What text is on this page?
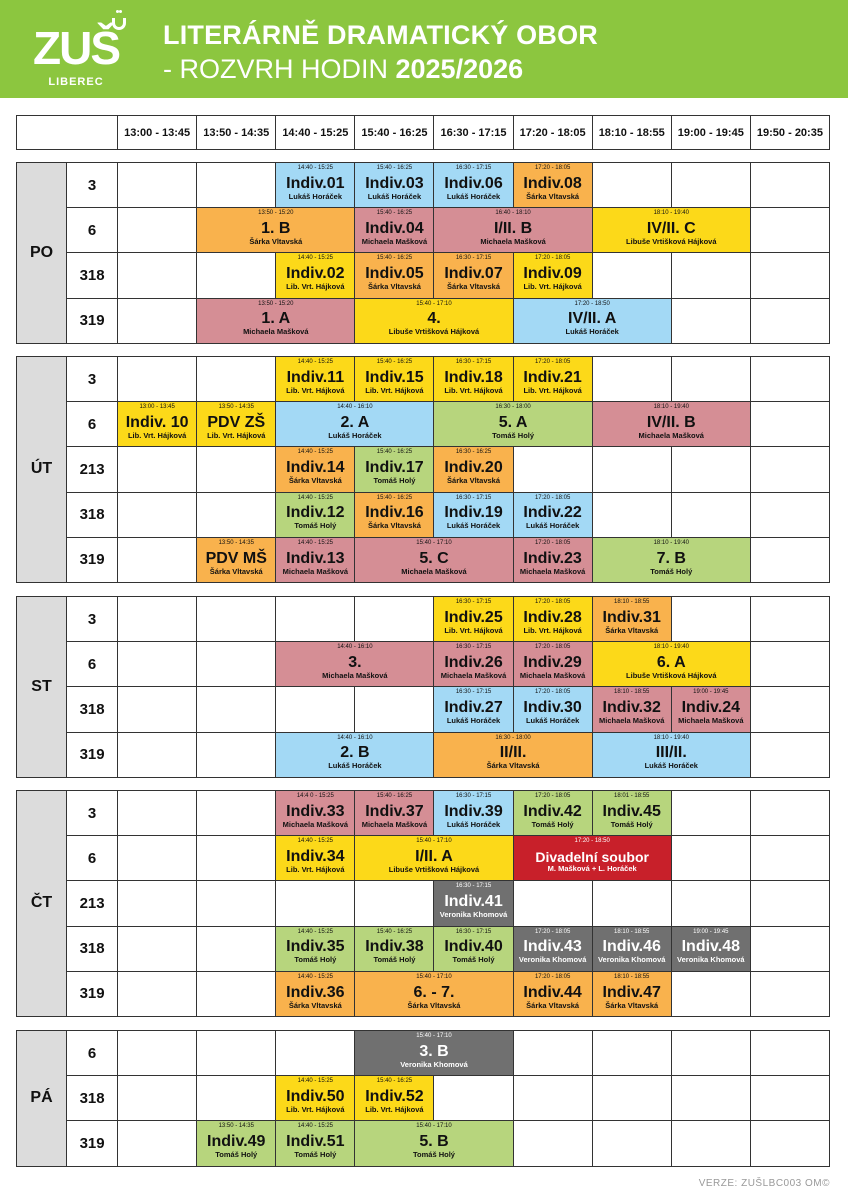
ZUŠ
LIBEREC
LITERÁRNĚ DRAMATICKÝ OBOR
- ROZVRH HODIN 2025/2026
	13:00 - 13:45	13:50 - 14:35	14:40 - 15:25	15:40 - 16:25	16:30 - 17:15	17:20 - 18:05	18:10 - 18:55	19:00 - 19:45	19:50 - 20:35
PO	3			14:40 - 15:25
Indiv.01
Lukáš Horáček	15:40 - 16:25
Indiv.03
Lukáš Horáček	16:30 - 17:15
Indiv.06
Lukáš Horáček	17:20 - 18:05
Indiv.08
Šárka Vltavská			

	6		13:50 - 15:20
1. B
Šárka Vltavská		15:40 - 16:25
Indiv.04
Michaela Mašková	16:40 - 18:10
I/II. B
Michaela Mašková		18:10 - 19:40
IV/II. C
Libuše Vrtišková Hájková		

	318			14:40 - 15:25
Indiv.02
Lib. Vrt. Hájková	15:40 - 16:25
Indiv.05
Šárka Vltavská	16:30 - 17:15
Indiv.07
Šárka Vltavská	17:20 - 18:05
Indiv.09
Lib. Vrt. Hájková			

	319		13:50 - 15:20
1. A
Michaela Mašková		15:40 - 17:10
4.
Libuše Vrtišková Hájková		17:20 - 18:50
IV/II. A
Lukáš Horáček			

ÚT	3			14:40 - 15:25
Indiv.11
Lib. Vrt. Hájková	15:40 - 16:25
Indiv.15
Lib. Vrt. Hájková	16:30 - 17:15
Indiv.18
Lib. Vrt. Hájková	17:20 - 18:05
Indiv.21
Lib. Vrt. Hájková			

	6	13:00 - 13:45
Indiv. 10
Lib. Vrt. Hájková	13:50 - 14:35
PDV ZŠ
Lib. Vrt. Hájková	14:40 - 16:10
2. A
Lukáš Horáček		16:30 - 18:00
5. A
Tomáš Holý		18:10 - 19:40
IV/II. B
Michaela Mašková		

	213			14:40 - 15:25
Indiv.14
Šárka Vltavská	15:40 - 16:25
Indiv.17
Tomáš Holý	16:30 - 16:25
Indiv.20
Šárka Vltavská				

	318			14:40 - 15:25
Indiv.12
Tomáš Holý	15:40 - 16:25
Indiv.16
Šárka Vltavská	16:30 - 17:15
Indiv.19
Lukáš Horáček	17:20 - 18:05
Indiv.22
Lukáš Horáček			

	319		13:50 - 14:35
PDV MŠ
Šárka Vltavská	14:40 - 15:25
Indiv.13
Michaela Mašková	15:40 - 17:10
5. C
Michaela Mašková		17:20 - 18:05
Indiv.23
Michaela Mašková	18:10 - 19:40
7. B
Tomáš Holý		

ST	3					16:30 - 17:15
Indiv.25
Lib. Vrt. Hájková	17:20 - 18:05
Indiv.28
Lib. Vrt. Hájková	18:10 - 18:55
Indiv.31
Šárka Vltavská		

	6			14:40 - 16:10
3.
Michaela Mašková		16:30 - 17:15
Indiv.26
Michaela Mašková	17:20 - 18:05
Indiv.29
Michaela Mašková	18:10 - 19:40
6. A
Libuše Vrtišková Hájková		

	318					16:30 - 17:15
Indiv.27
Lukáš Horáček	17:20 - 18:05
Indiv.30
Lukáš Horáček	18:10 - 18:55
Indiv.32
Michaela Mašková	19:00 - 19:45
Indiv.24
Michaela Mašková	

	319			14:40 - 16:10
2. B
Lukáš Horáček		16:30 - 18:00
II/II.
Šárka Vltavská		18:10 - 19:40
III/II.
Lukáš Horáček		

ČT	3			14:4 0 - 15:25
Indiv.33
Michaela Mašková	15:40 - 16:25
Indiv.37
Michaela Mašková	16:30 - 17:15
Indiv.39
Lukáš Horáček	17:20 - 18:05
Indiv.42
Tomáš Holý	18:01 - 18:55
Indiv.45
Tomáš Holý		

	6			14:40 - 15:25
Indiv.34
Lib. Vrt. Hájková	15:40 - 17:10
I/II. A
Libuše Vrtišková Hájková		17:20 - 18:50
Divadelní soubor
M. Mašková + L. Horáček			

	213					16:30 - 17:15
Indiv.41
Veronika Khomová				

	318			14:40 - 15:25
Indiv.35
Tomáš Holý	15:40 - 16:25
Indiv.38
Tomáš Holý	16:30 - 17:15
Indiv.40
Tomáš Holý	17:20 - 18:05
Indiv.43
Veronika Khomová	18:10 - 18:55
Indiv.46
Veronika Khomová	19:00 - 19:45
Indiv.48
Veronika Khomová	

	319			14:40 - 15:25
Indiv.36
Šárka Vltavská	15:40 - 17:10
6. - 7.
Šárka Vltavská		17:20 - 18:05
Indiv.44
Šárka Vltavská	18:10 - 18:55
Indiv.47
Šárka Vltavská		

PÁ	6				15:40 - 17:10
3. B
Veronika Khomová					

	318			14:40 - 15:25
Indiv.50
Lib. Vrt. Hájková	15:40 - 16:25
Indiv.52
Lib. Vrt. Hájková					

	319		13:50 - 14:35
Indiv.49
Tomáš Holý	14:40 - 15:25
Indiv.51
Tomáš Holý	15:40 - 17:10
5. B
Tomáš Holý					

VERZE: ZUŠLBC003 OM©
